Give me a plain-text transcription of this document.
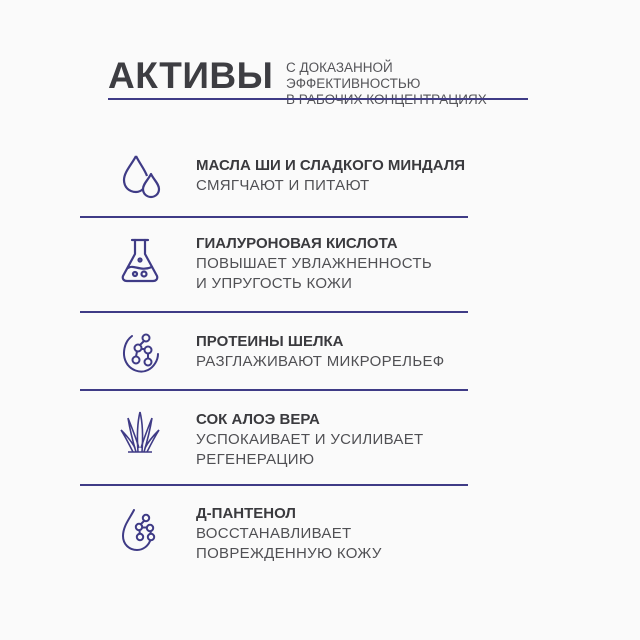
АКТИВЫ С ДОКАЗАННОЙ ЭФФЕКТИВНОСТЬЮ

МАСЛА ШИ И СЛАДКОГО МИНДАЛЯ
СМЯГЧАЮТ И ПИТАЮТ
ГИАЛУРОНОВАЯ КИСЛОТА
ПОВЫШАЕТ УВЛАЖНЕННОСТЬ
И УПРУГОСТЬ КОЖИ
ПРОТЕИНЫ ШЕЛКА
РАЗГЛАЖИВАЮТ МИКРОРЕЛЬЕФ
СОК АЛОЭ ВЕРА
УСПОКАИВАЕТ И УСИЛИВАЕТ
РЕГЕНЕРАЦИЮ
Д-ПАНТЕНОЛ
ВОССТАНАВЛИВАЕТ
ПОВРЕЖДЕННУЮ КОЖУ
